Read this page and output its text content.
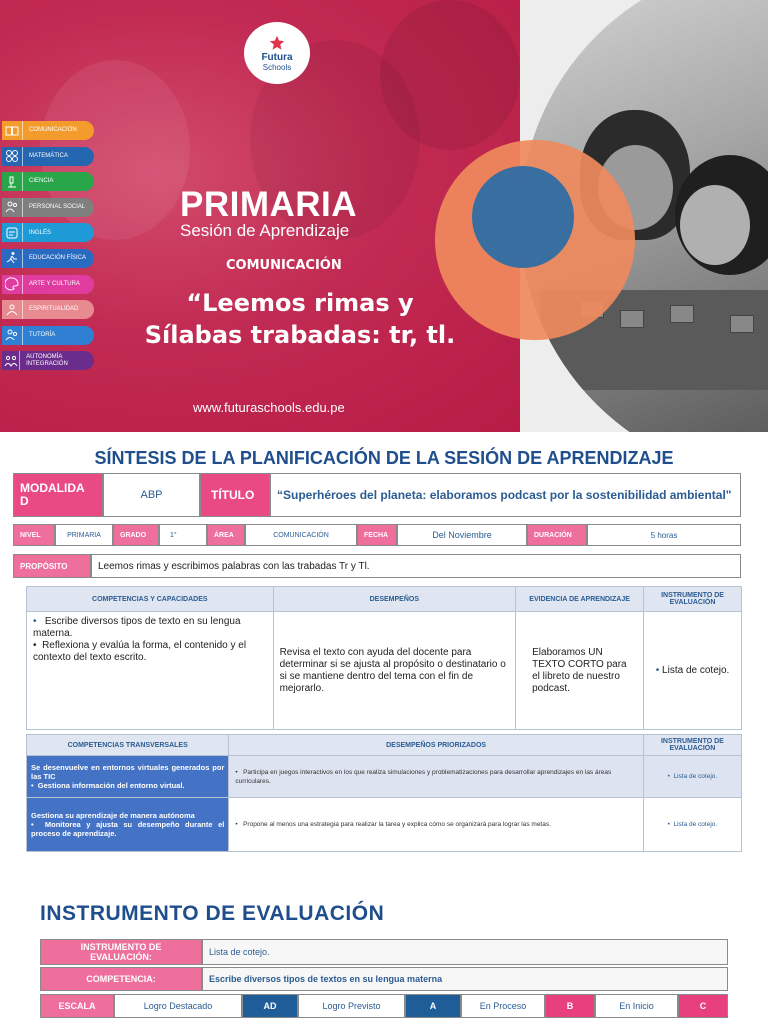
Futura
Schools
COMUNICACIÓN
MATEMÁTICA
CIENCIA
PERSONAL SOCIAL
INGLÉS
EDUCACIÓN FÍSICA
ARTE Y CULTURA
ESPIRITUALIDAD
TUTORÍA
AUTONOMÍA INTEGRACIÓN
PRIMARIA
Sesión de Aprendizaje
COMUNICACIÓN
“Leemos rimas y
Sílabas trabadas: tr, tl.
www.futuraschools.edu.pe
SÍNTESIS DE LA PLANIFICACIÓN DE LA SESIÓN DE APRENDIZAJE
MODALIDA D	ABP	TÍTULO	“Superhéroes del planeta: elaboramos podcast por la sostenibilidad ambiental"
NIVEL	PRIMARIA	GRADO	1°	ÁREA	COMUNICACIÓN	FECHA	Del Noviembre	DURACIÓN	5 horas
PROPÓSITO	Leemos rimas y escribimos palabras con las trabadas Tr y Tl.
COMPETENCIAS Y CAPACIDADES	DESEMPEÑOS	EVIDENCIA DE APRENDIZAJE	INSTRUMENTO DE EVALUACIÓN

• Escribe diversos tipos de texto en su lengua materna.
•  Reflexiona y evalúa la forma, el contenido y el contexto del texto escrito.	Revisa el texto con ayuda del docente para determinar si se ajusta al propósito o destinatario o si se mantiene dentro del tema con el fin de mejorarlo.	Elaboramos UN TEXTO CORTO para el libreto de nuestro podcast.	• Lista de cotejo.
COMPETENCIAS TRANSVERSALES	DESEMPEÑOS PRIORIZADOS	INSTRUMENTO DE EVALUACIÓN

Se desenvuelve en entornos virtuales generados por las TIC
•  Gestiona información del entorno virtual.	•   Participa en juegos interactivos en los que realiza simulaciones y problematizaciones para desarrollar aprendizajes en las áreas curriculares.	•  Lista de cotejo.

Gestiona su aprendizaje de manera autónoma
•  Monitorea y ajusta su desempeño durante el proceso de aprendizaje.	•   Propone al menos una estrategia para realizar la tarea y explica cómo se organizará para lograr las metas.	•  Lista de cotejo.
INSTRUMENTO DE EVALUACIÓN
INSTRUMENTO DE EVALUACIÓN:	Lista de cotejo.
COMPETENCIA:	Escribe diversos tipos de textos en su lengua materna
ESCALA	Logro Destacado	AD	Logro Previsto	A	En Proceso	B	En Inicio	C
